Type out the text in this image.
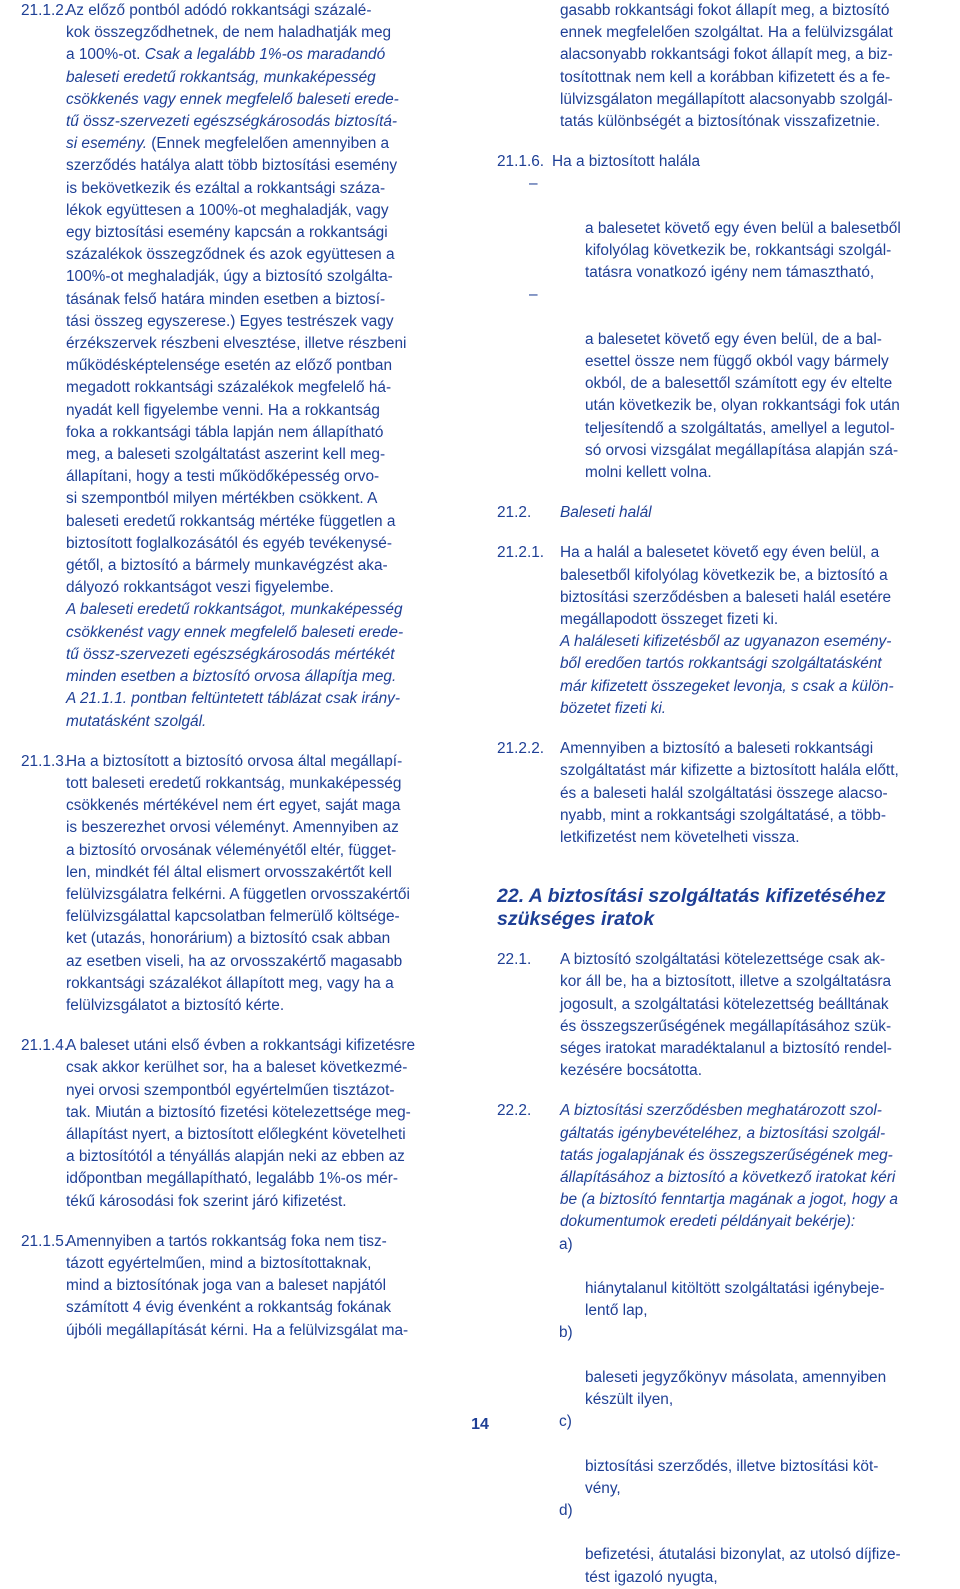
21.1.2.
Az előző pontból adódó rokkantsági százalé-
kok összegződhetnek, de nem haladhatják meg
a 100%-ot. Csak a legalább 1%-os maradandó
baleseti eredetű rokkantság, munkaképesség
csökkenés vagy ennek megfelelő baleseti erede-
tű össz-szervezeti egészségkárosodás biztosítá-
si esemény. (Ennek megfelelően amennyiben a
szerződés hatálya alatt több biztosítási esemény
is bekövetkezik és ezáltal a rokkantsági száza-
lékok együttesen a 100%-ot meghaladják, vagy
egy biztosítási esemény kapcsán a rokkantsági
százalékok összegződnek és azok együttesen a
100%-ot meghaladják, úgy a biztosító szolgálta-
tásának felső határa minden esetben a biztosí-
tási összeg egyszerese.) Egyes testrészek vagy
érzékszervek részbeni elvesztése, illetve részbeni
működésképtelensége esetén az előző pontban
megadott rokkantsági százalékok megfelelő há-
nyadát kell figyelembe venni. Ha a rokkantság
foka a rokkantsági tábla lapján nem állapítható
meg, a baleseti szolgáltatást aszerint kell meg-
állapítani, hogy a testi működőképesség orvo-
si szempontból milyen mértékben csökkent. A
baleseti eredetű rokkantság mértéke független a
biztosított foglalkozásától és egyéb tevékenysé-
gétől, a biztosító a bármely munkavégzést aka-
dályozó rokkantságot veszi figyelembe.
A baleseti eredetű rokkantságot, munkaképesség
csökkenést vagy ennek megfelelő baleseti erede-
tű össz-szervezeti egészségkárosodás mértékét
minden esetben a biztosító orvosa állapítja meg.
A 21.1.1. pontban feltüntetett táblázat csak irány-
mutatásként szolgál.
21.1.3.
Ha a biztosított a biztosító orvosa által megállapí-
tott baleseti eredetű rokkantság, munkaképesség
csökkenés mértékével nem ért egyet, saját maga
is beszerezhet orvosi véleményt. Amennyiben az
a biztosító orvosának véleményétől eltér, függet-
len, mindkét fél által elismert orvosszakértőt kell
felülvizsgálatra felkérni. A független orvosszakértői
felülvizsgálattal kapcsolatban felmerülő költsége-
ket (utazás, honorárium) a biztosító csak abban
az esetben viseli, ha az orvosszakértő magasabb
rokkantsági százalékot állapított meg, vagy ha a
felülvizsgálatot a biztosító kérte.
21.1.4.
A baleset utáni első évben a rokkantsági kifizetésre
csak akkor kerülhet sor, ha a baleset következmé-
nyei orvosi szempontból egyértelműen tisztázot-
tak. Miután a biztosító fizetési kötelezettsége meg-
állapítást nyert, a biztosított előlegként követelheti
a biztosítótól a tényállás alapján neki az ebben az
időpontban megállapítható, legalább 1%-os mér-
tékű károsodási fok szerint járó kifizetést.
21.1.5.
Amennyiben a tartós rokkantság foka nem tisz-
tázott egyértelműen, mind a biztosítottaknak,
mind a biztosítónak joga van a baleset napjától
számított 4 évig évenként a rokkantság fokának
újbóli megállapítását kérni. Ha a felülvizsgálat ma-
gasabb rokkantsági fokot állapít meg, a biztosító
ennek megfelelően szolgáltat. Ha a felülvizsgálat
alacsonyabb rokkantsági fokot állapít meg, a biz-
tosítottnak nem kell a korábban kifizetett és a fe-
lülvizsgálaton megállapított alacsonyabb szolgál-
tatás különbségét a biztosítónak visszafizetnie.
21.1.6. Ha a biztosított halála

–

a balesetet követő egy éven belül a balesetből
kifolyólag következik be, rokkantsági szolgál-
tatásra vonatkozó igény nem támasztható,

–

a balesetet követő egy éven belül, de a bal-
esettel össze nem függő okból vagy bármely
okból, de a balesettől számított egy év eltelte
után következik be, olyan rokkantsági fok után
teljesítendő a szolgáltatás, amellyel a legutol-
só orvosi vizsgálat megállapítása alapján szá-
molni kellett volna.

21.2. Baleseti halál
21.2.1. Ha a halál a balesetet követő egy éven belül, a
balesetből kifolyólag következik be, a biztosító a
biztosítási szerződésben a baleseti halál esetére
megállapodott összeget fizeti ki.
A haláleseti kifizetésből az ugyanazon esemény-
ből eredően tartós rokkantsági szolgáltatásként
már kifizetett összegeket levonja, s csak a külön-
bözetet fizeti ki.
21.2.2. Amennyiben a biztosító a baleseti rokkantsági
szolgáltatást már kifizette a biztosított halála előtt,
és a baleseti halál szolgáltatási összege alacso-
nyabb, mint a rokkantsági szolgáltatásé, a több-
letkifizetést nem követelheti vissza.
22. A biztosítási szolgáltatás kifizetéséhez
szükséges iratok
22.1. A biztosító szolgáltatási kötelezettsége csak ak-
kor áll be, ha a biztosított, illetve a szolgáltatásra
jogosult, a szolgáltatási kötelezettség beálltának
és összegszerűségének megállapításához szük-
séges iratokat maradéktalanul a biztosító rendel-
kezésére bocsátotta.
22.2. A biztosítási szerződésben meghatározott szol-
gáltatás igénybevételéhez, a biztosítási szolgál-
tatás jogalapjának és összegszerűségének meg-
állapításához a biztosító a következő iratokat kéri
be (a biztosító fenntartja magának a jogot, hogy a
dokumentumok eredeti példányait bekérje):

a)

hiánytalanul kitöltött szolgáltatási igénybeje-
lentő lap,

b)

baleseti jegyzőkönyv másolata, amennyiben
készült ilyen,

c)

biztosítási szerződés, illetve biztosítási köt-
vény,

d)

befizetési, átutalási bizonylat, az utolsó díjfize-
tést igazoló nyugta,

14
